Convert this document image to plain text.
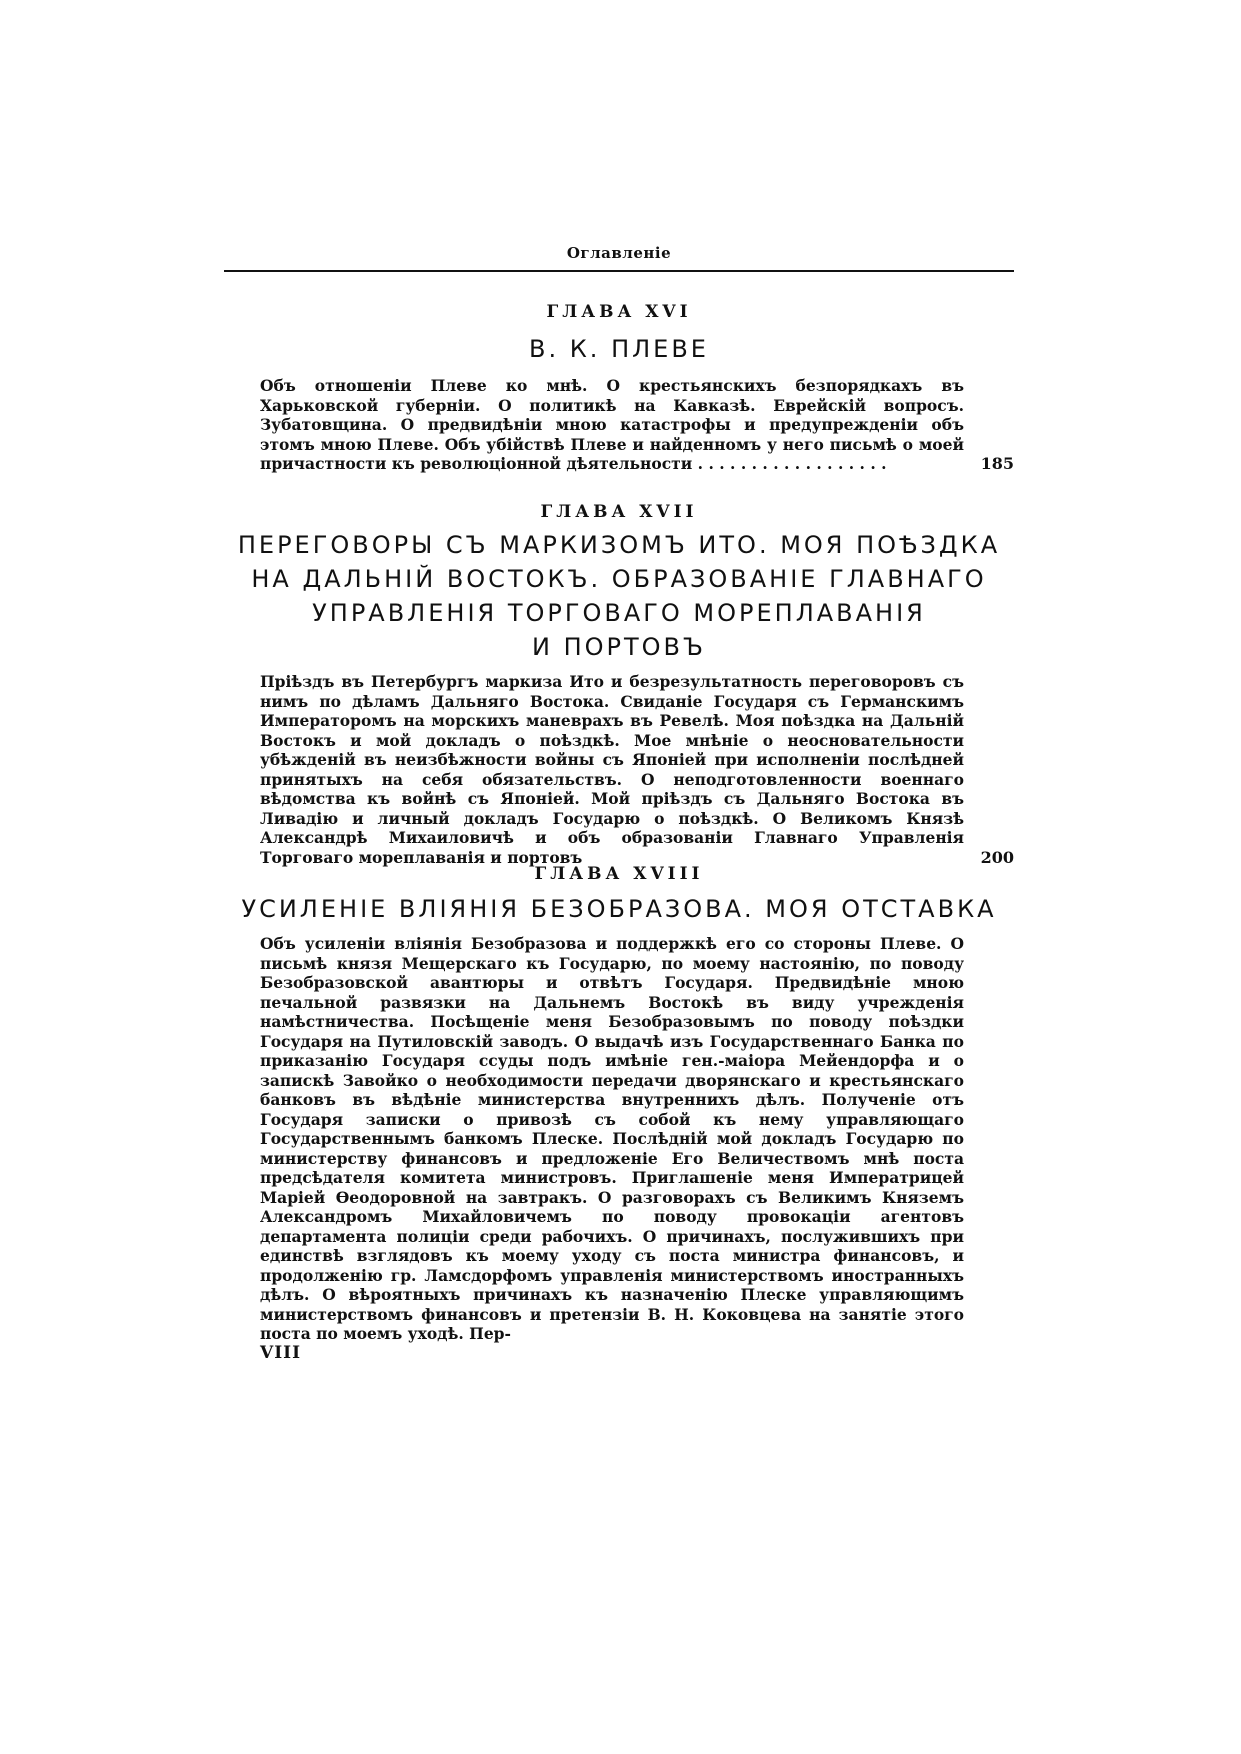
Оглавленіе
ГЛАВА XVI
В. К. ПЛЕВЕ
Объ отношеніи Плеве ко мнѣ. О крестьянскихъ безпорядкахъ въ Харьковской губерніи. О политикѣ на Кавказѣ. Еврейскій вопросъ. Зубатовщина. О предвидѣніи мною катастрофы и предупрежденіи объ этомъ мною Плеве. Объ убійствѣ Плеве и найденномъ у него письмѣ о моей причастности къ революціонной дѣятельности . . . . . . . . . . . . . . . . . .	185
ГЛАВА XVII
ПЕРЕГОВОРЫ СЪ МАРКИЗОМЪ ИТО. МОЯ ПОѢЗДКА
НА ДАЛЬНІЙ ВОСТОКЪ. ОБРАЗОВАНІЕ ГЛАВНАГО
УПРАВЛЕНІЯ ТОРГОВАГО МОРЕПЛАВАНІЯ
И ПОРТОВЪ
Пріѣздъ въ Петербургъ маркиза Ито и безрезультатность переговоровъ съ нимъ по дѣламъ Дальняго Востока. Свиданіе Государя съ Германскимъ Императоромъ на морскихъ маневрахъ въ Ревелѣ. Моя поѣздка на Дальній Востокъ и мой докладъ о поѣздкѣ. Мое мнѣніе о неосновательности убѣжденій въ неизбѣжности войны съ Японіей при исполненіи послѣдней принятыхъ на себя обязательствъ. О неподготовленности военнаго вѣдомства къ войнѣ съ Японіей. Мой пріѣздъ съ Дальняго Востока въ Ливадію и личный докладъ Государю о поѣздкѣ. О Великомъ Князѣ Александрѣ Михаиловичѣ и объ образованіи Главнаго Управленія Торговаго мореплаванія и портовъ	200
ГЛАВА XVIII
УСИЛЕНІЕ ВЛІЯНІЯ БЕЗОБРАЗОВА. МОЯ ОТСТАВКА
Объ усиленіи вліянія Безобразова и поддержкѣ его со стороны Плеве. О письмѣ князя Мещерскаго къ Государю, по моему настоянію, по поводу Безобразовской авантюры и отвѣтъ Государя. Предвидѣніе мною печальной развязки на Дальнемъ Востокѣ въ виду учрежденія намѣстничества. Посѣщеніе меня Безобразовымъ по поводу поѣздки Государя на Путиловскій заводъ. О выдачѣ изъ Государственнаго Банка по приказанію Государя ссуды подъ имѣніе ген.-маіора Мейендорфа и о запискѣ Завойко о необходимости передачи дворянскаго и крестьянскаго банковъ въ вѣдѣніе министерства внутреннихъ дѣлъ. Полученіе отъ Государя записки о привозѣ съ собой къ нему управляющаго Государственнымъ банкомъ Плеске. Послѣдній мой докладъ Государю по министерству финансовъ и предложеніе Его Величествомъ мнѣ поста предсѣдателя комитета министровъ. Приглашеніе меня Императрицей Маріей Ѳеодоровной на завтракъ. О разговорахъ съ Великимъ Княземъ Александромъ Михайловичемъ по поводу провокаціи агентовъ департамента полиціи среди рабочихъ. О причинахъ, послужившихъ при единствѣ взглядовъ къ моему уходу съ поста министра финансовъ, и продолженію гр. Ламсдорфомъ управленія министерствомъ иностранныхъ дѣлъ. О вѣроятныхъ причинахъ къ назначенію Плеске управляющимъ министерствомъ финансовъ и претензіи В. Н. Коковцева на занятіе этого поста по моемъ уходѣ. Пер-
VIII
